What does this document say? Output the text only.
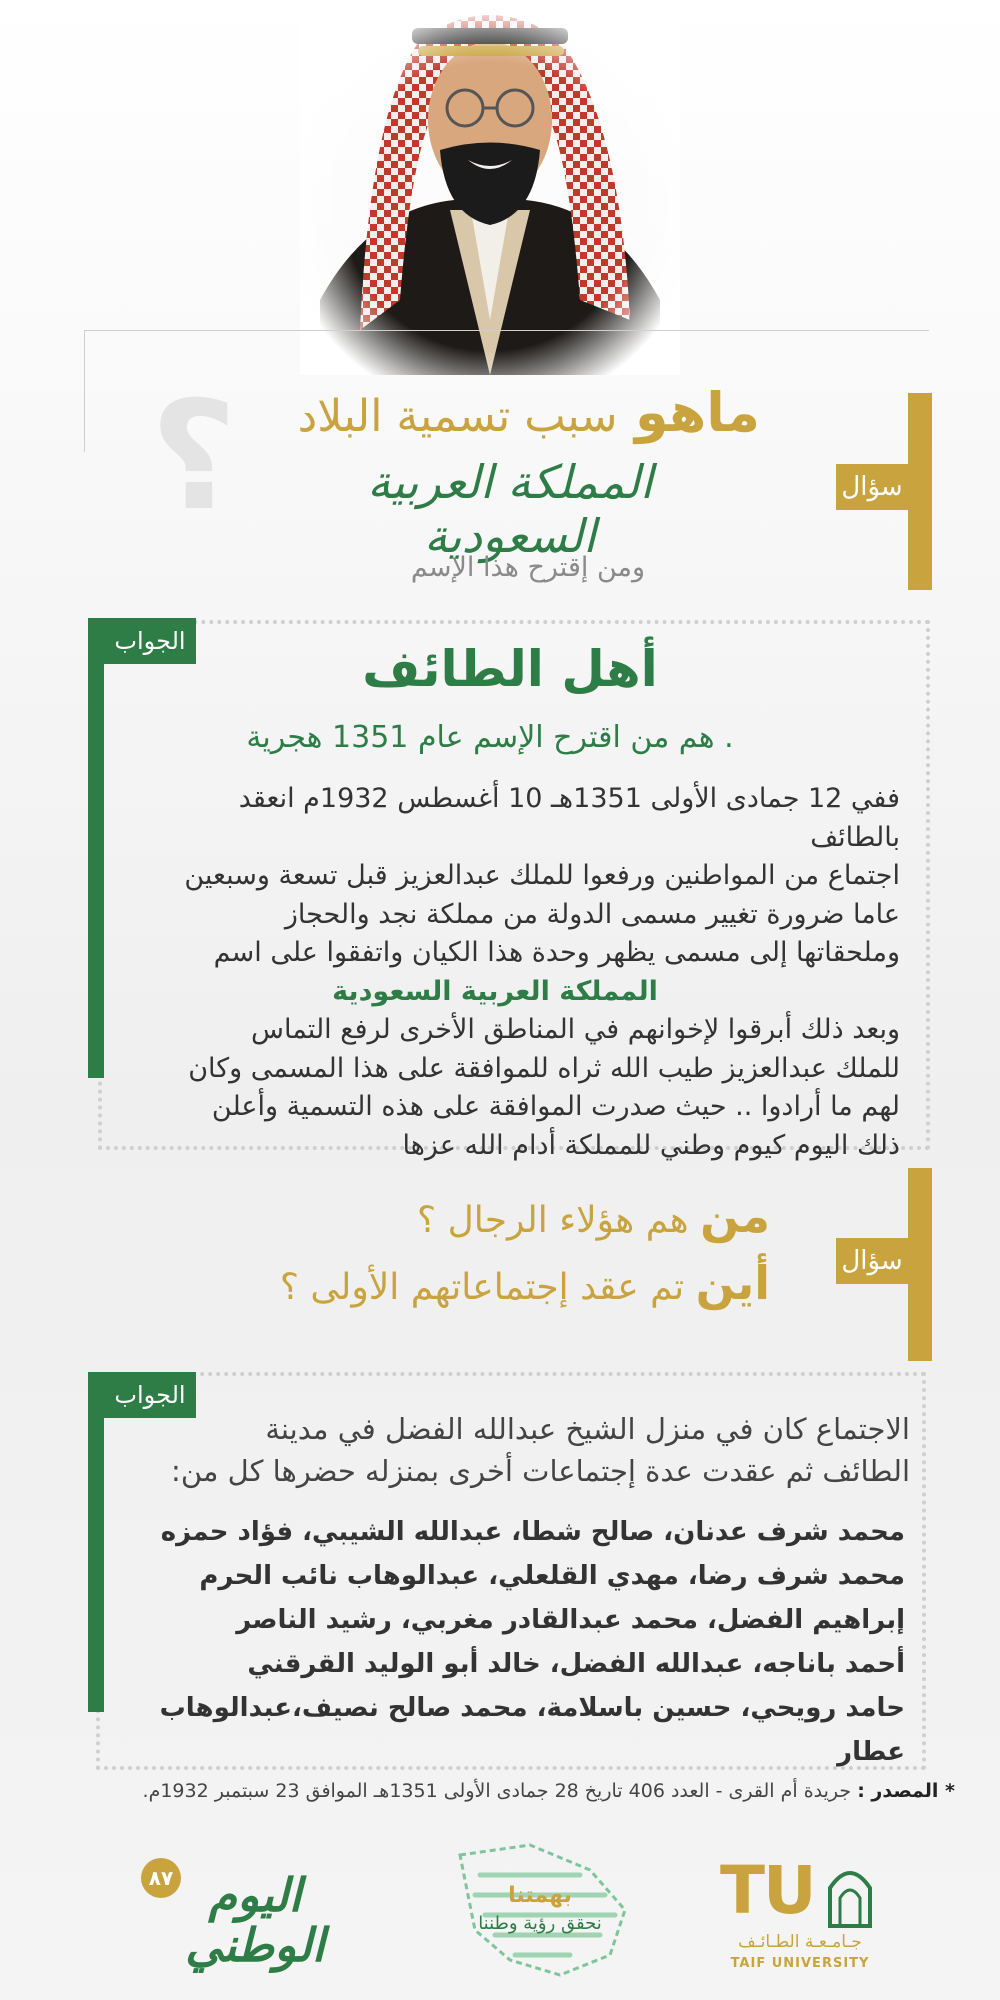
سؤال
؟	ماهو سبب تسمية البلاد
المملكة العربية السعودية
ومن إقترح هذا الإسم
الجواب	أهل الطائف
هم من اقترح الإسم عام 1351 هجرية .
ففي 12 جمادى الأولى 1351هـ 10 أغسطس 1932م انعقد بالطائف
اجتماع من المواطنين ورفعوا للملك عبدالعزيز قبل تسعة وسبعين
عاما ضرورة تغيير مسمى الدولة من مملكة نجد والحجاز
وملحقاتها إلى مسمى يظهر وحدة هذا الكيان واتفقوا على اسم
المملكة العربية السعودية
وبعد ذلك أبرقوا لإخوانهم في المناطق الأخرى لرفع التماس
للملك عبدالعزيز طيب الله ثراه للموافقة على هذا المسمى وكان
لهم ما أرادوا .. حيث صدرت الموافقة على هذه التسمية وأعلن
ذلك اليوم كيوم وطني للمملكة أدام الله عزها
سؤال
من هم هؤلاء الرجال ؟
أين تم عقد إجتماعاتهم الأولى ؟
الجواب
الاجتماع كان في منزل الشيخ عبدالله الفضل في مدينة
الطائف ثم عقدت عدة إجتماعات أخرى بمنزله حضرها كل من:
محمد شرف عدنان، صالح شطا، عبدالله الشيبي، فؤاد حمزه
محمد شرف رضا، مهدي القلعلي، عبدالوهاب نائب الحرم
إبراهيم الفضل، محمد عبدالقادر مغربي، رشيد الناصر
أحمد باناجه، عبدالله الفضل، خالد أبو الوليد القرقني
حامد رويحي، حسين باسلامة، محمد صالح نصيف،عبدالوهاب عطار
* المصدر : جريدة أم القرى - العدد 406 تاريخ 28 جمادى الأولى 1351هـ الموافق 23 سبتمبر 1932م.
٨٧ اليوم الوطني
بهمتنا
نحقق رؤية وطننا TU
جـامـعـة الطـائـف
TAIF UNIVERSITY
